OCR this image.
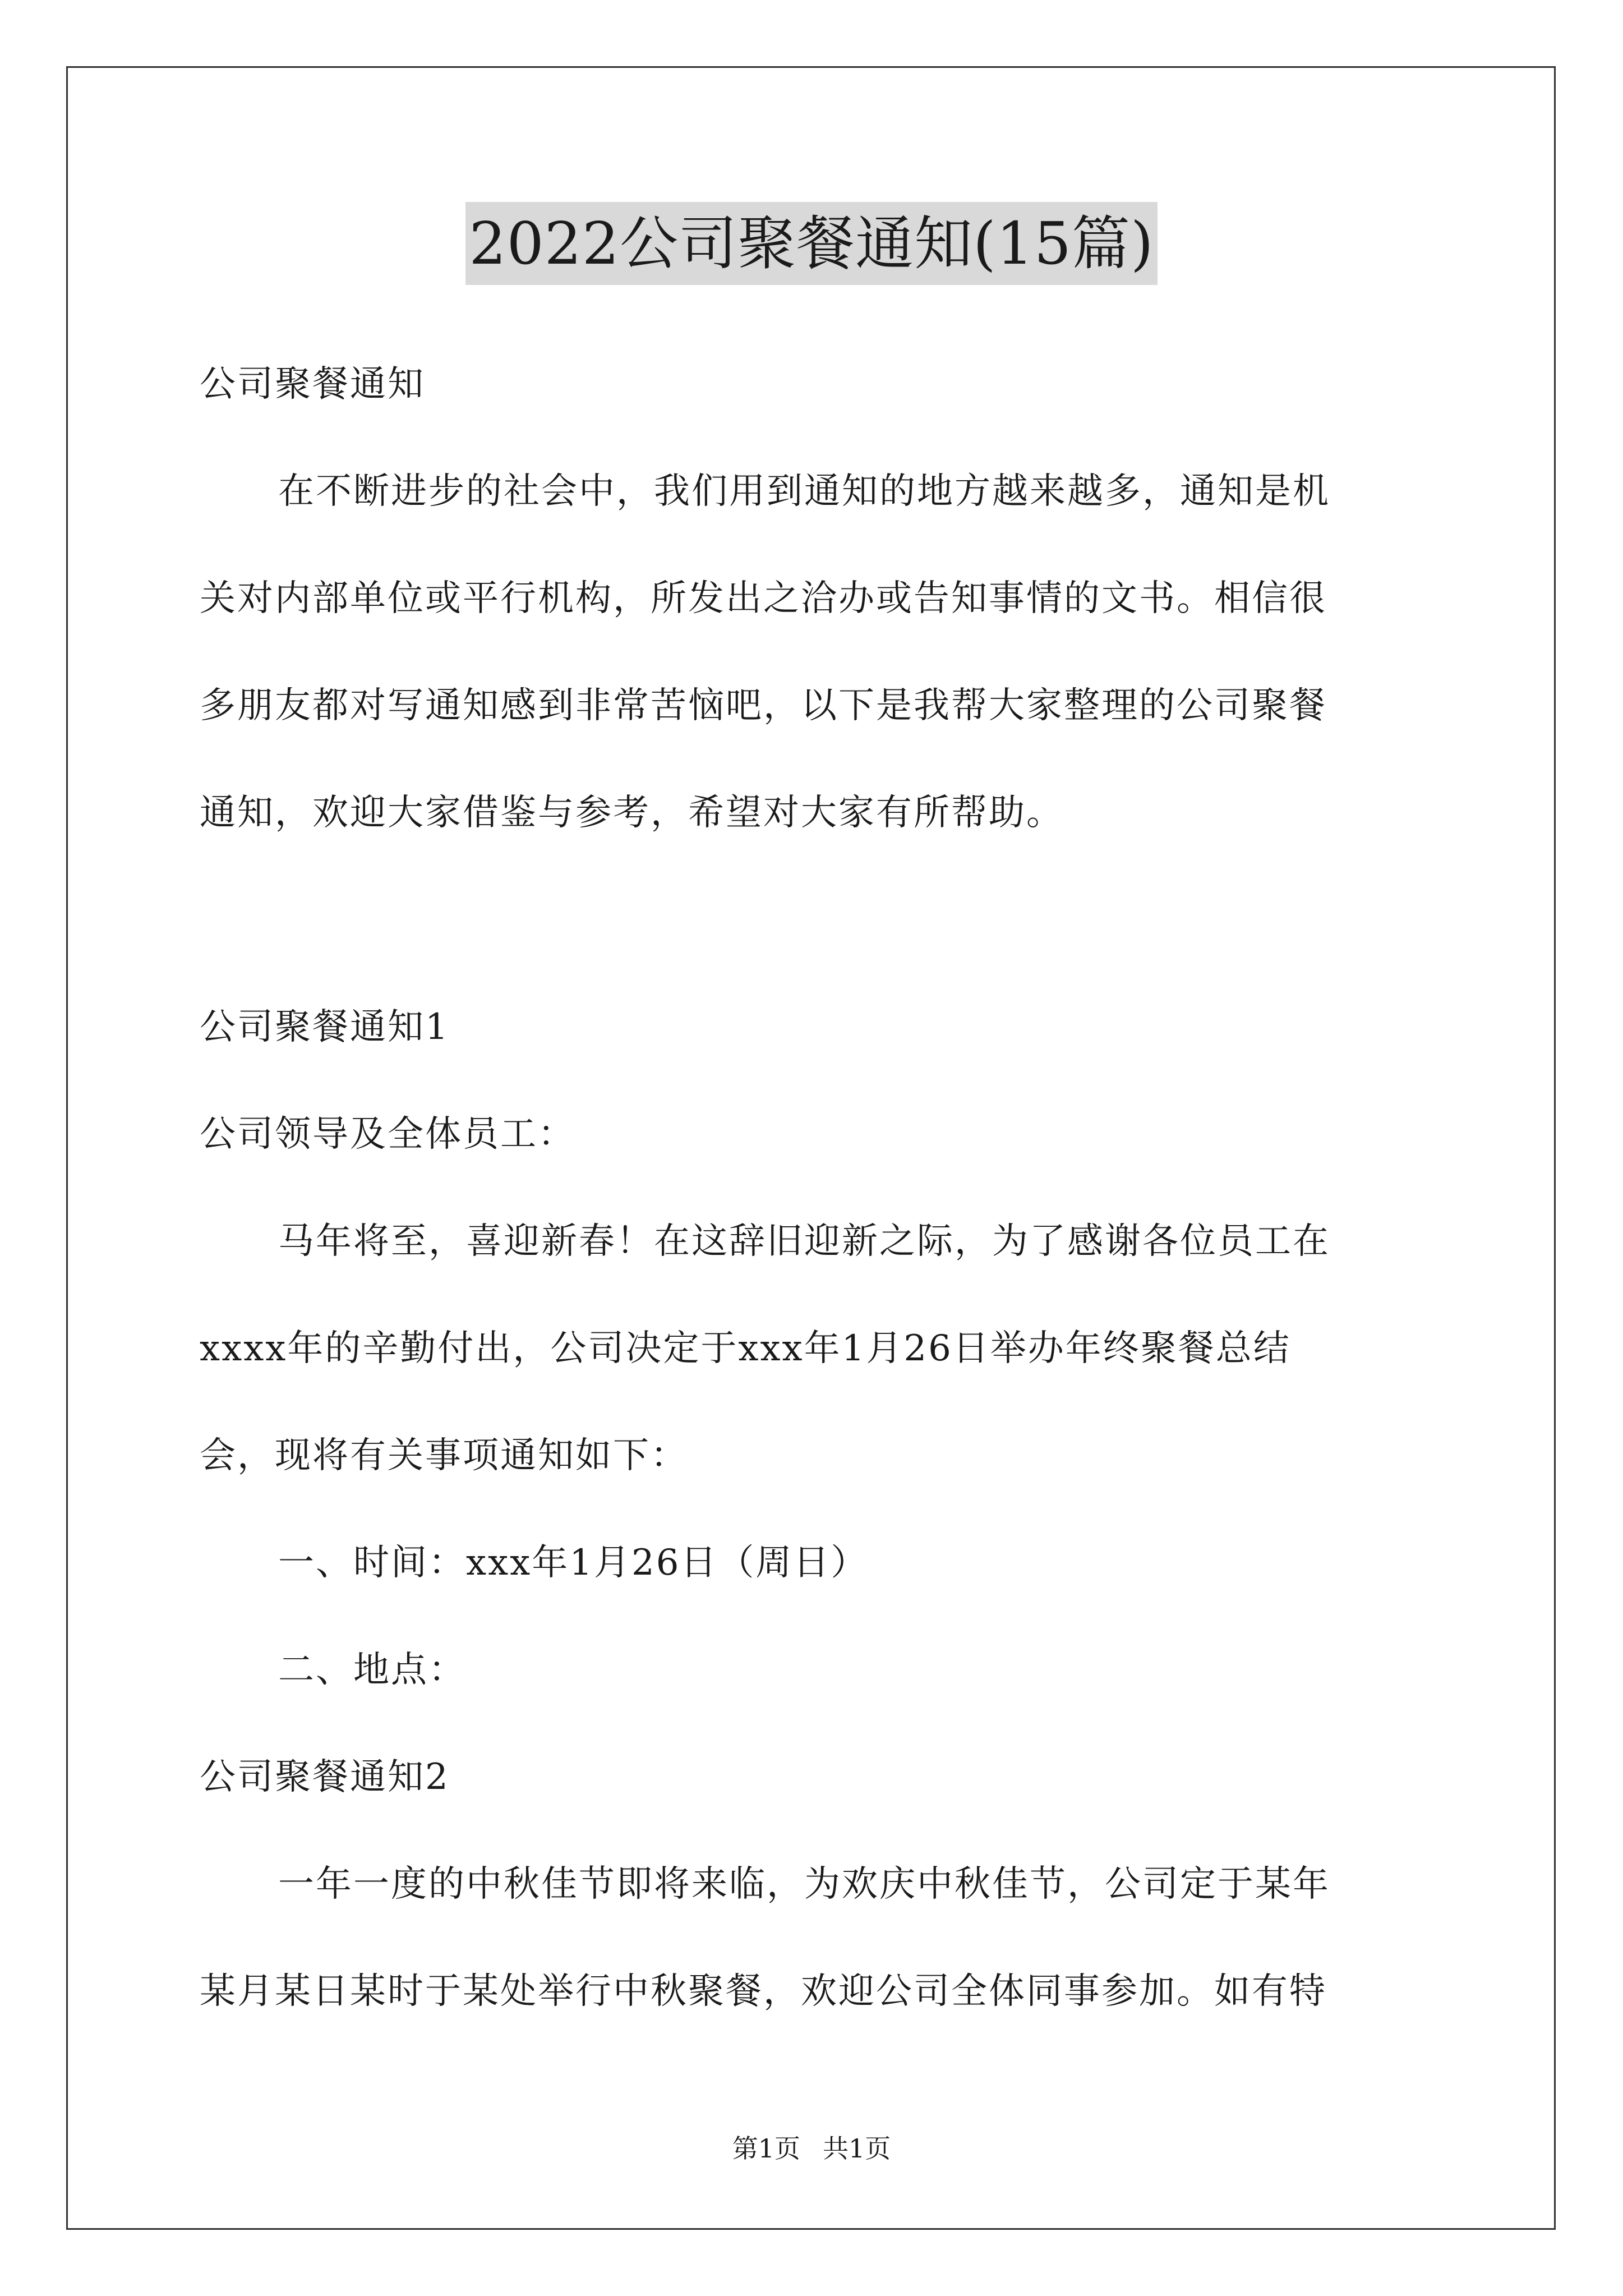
2022公司聚餐通知(15篇)
公司聚餐通知
在不断进步的社会中，我们用到通知的地方越来越多，通知是机
关对内部单位或平行机构，所发出之洽办或告知事情的文书。相信很
多朋友都对写通知感到非常苦恼吧，以下是我帮大家整理的公司聚餐
通知，欢迎大家借鉴与参考，希望对大家有所帮助。
公司聚餐通知1
公司领导及全体员工：
马年将至，喜迎新春！在这辞旧迎新之际，为了感谢各位员工在
xxxx年的辛勤付出，公司决定于xxx年1月26日举办年终聚餐总结
会，现将有关事项通知如下：
一、时间：xxx年1月26日（周日）
二、地点：
公司聚餐通知2
一年一度的中秋佳节即将来临，为欢庆中秋佳节，公司定于某年
某月某日某时于某处举行中秋聚餐，欢迎公司全体同事参加。如有特
第1页 共1页
